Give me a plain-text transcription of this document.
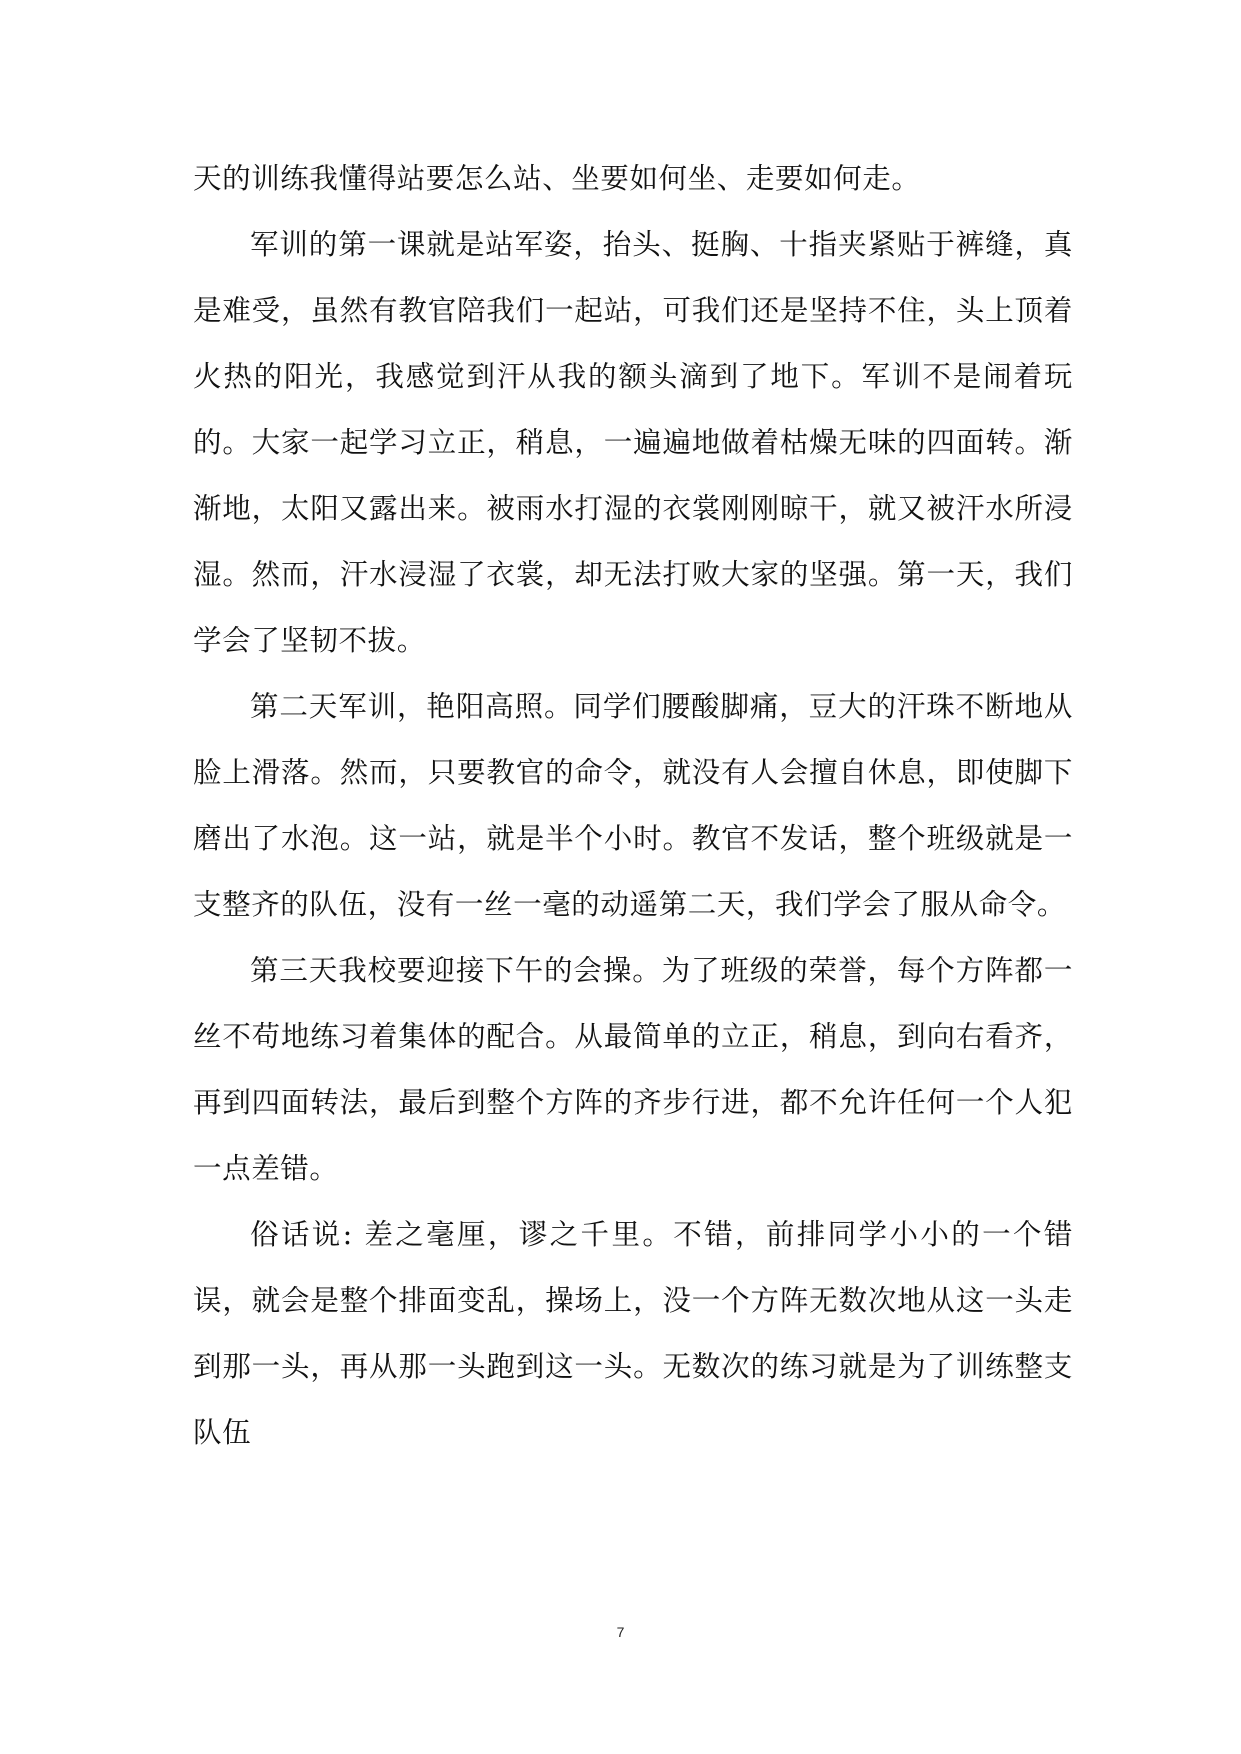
天的训练我懂得站要怎么站、坐要如何坐、走要如何走。

军训的第一课就是站军姿，抬头、挺胸、十指夹紧贴于裤缝，真是难受，虽然有教官陪我们一起站，可我们还是坚持不住，头上顶着火热的阳光，我感觉到汗从我的额头滴到了地下。军训不是闹着玩的。大家一起学习立正，稍息，一遍遍地做着枯燥无味的四面转。渐渐地，太阳又露出来。被雨水打湿的衣裳刚刚晾干，就又被汗水所浸湿。然而，汗水浸湿了衣裳，却无法打败大家的坚强。第一天，我们学会了坚韧不拔。

第二天军训，艳阳高照。同学们腰酸脚痛，豆大的汗珠不断地从脸上滑落。然而，只要教官的命令，就没有人会擅自休息，即使脚下磨出了水泡。这一站，就是半个小时。教官不发话，整个班级就是一支整齐的队伍，没有一丝一毫的动遥第二天，我们学会了服从命令。

第三天我校要迎接下午的会操。为了班级的荣誉，每个方阵都一丝不苟地练习着集体的配合。从最简单的立正，稍息，到向右看齐，再到四面转法，最后到整个方阵的齐步行进，都不允许任何一个人犯一点差错。

俗话说: 差之毫厘，谬之千里。不错，前排同学小小的一个错误，就会是整个排面变乱，操场上，没一个方阵无数次地从这一头走到那一头，再从那一头跑到这一头。无数次的练习就是为了训练整支队伍

7
